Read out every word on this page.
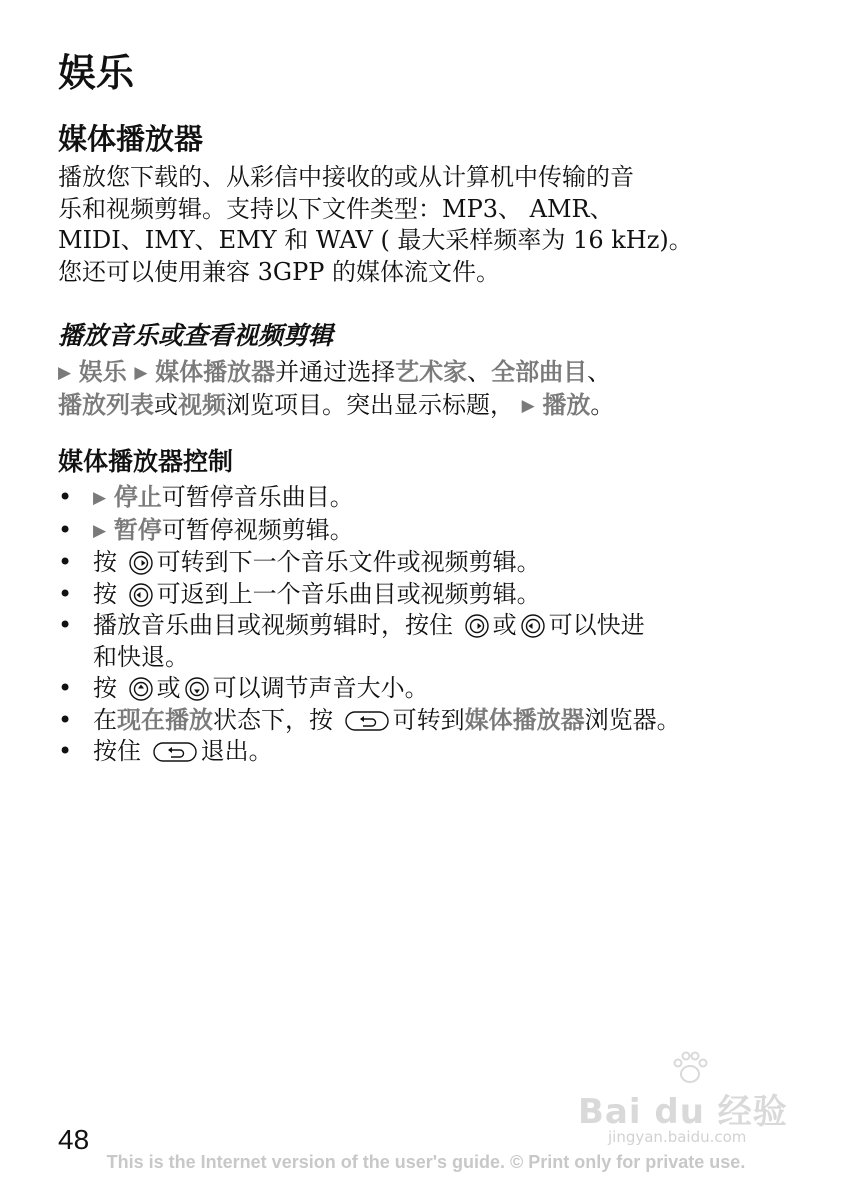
娱乐
媒体播放器
播放您下载的、从彩信中接收的或从计算机中传输的音
乐和视频剪辑。支持以下文件类型：MP3、 AMR、
MIDI、IMY、EMY 和 WAV ( 最大采样频率为 16 kHz)。
您还可以使用兼容 3GPP 的媒体流文件。
播放音乐或查看视频剪辑
▶ 娱乐 ▶ 媒体播放器并通过选择艺术家、全部曲目、
播放列表或视频浏览项目。突出显示标题， ▶ 播放。
媒体播放器控制
• ▶ 停止可暂停音乐曲目。
• ▶ 暂停可暂停视频剪辑。
• 按 可转到下一个音乐文件或视频剪辑。
• 按 可返到上一个音乐曲目或视频剪辑。
• 播放音乐曲目或视频剪辑时，按住 或 可以快进
和快退。
• 按 或 可以调节声音大小。
• 在现在播放状态下，按 可转到媒体播放器浏览器。
• 按住 退出。
Bai du 经验
jingyan.baidu.com
48
This is the Internet version of the user's guide. © Print only for private use.
